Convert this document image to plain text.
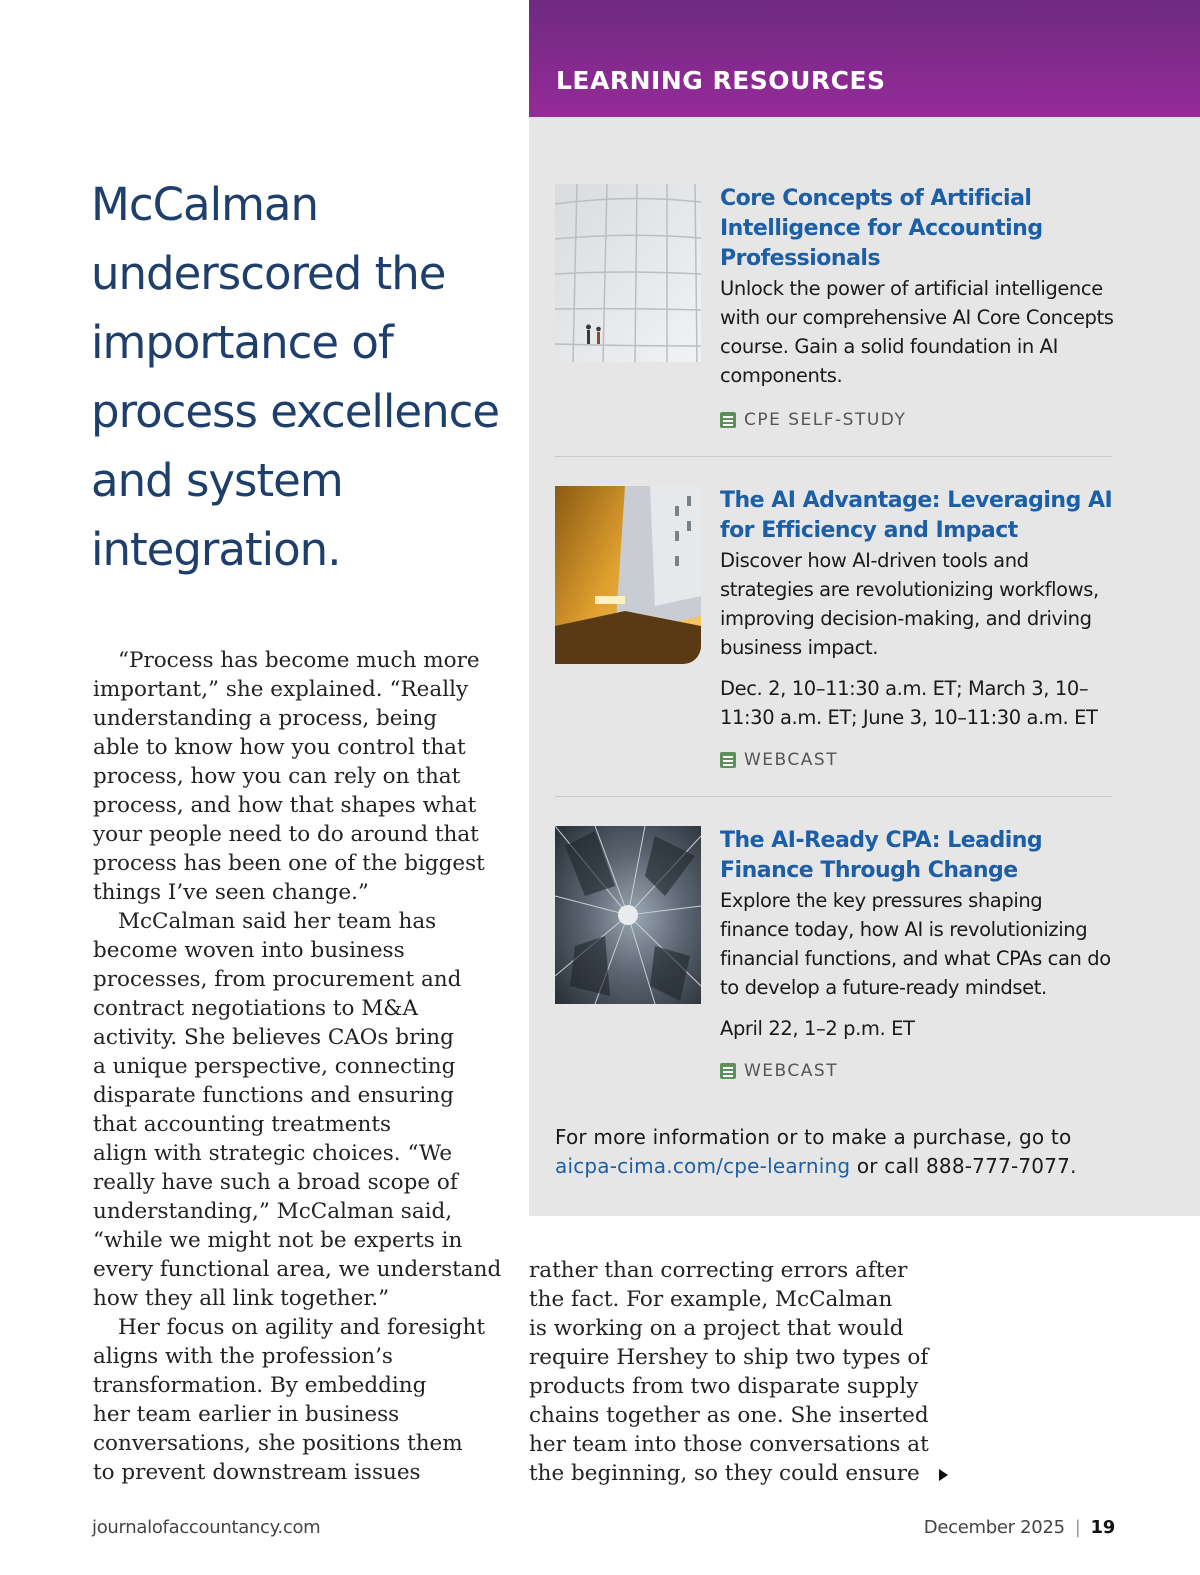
McCalman
underscored the
importance of
process excellence
and system
integration.

“Process has become much more

important,” she explained. “Really

understanding a process, being

able to know how you control that

process, how you can rely on that

process, and how that shapes what

your people need to do around that

process has been one of the biggest

things I’ve seen change.”

McCalman said her team has

become woven into business

processes, from procurement and

contract negotiations to M&A

activity. She believes CAOs bring

a unique perspective, connecting

disparate functions and ensuring

that accounting treatments

align with strategic choices. “We

really have such a broad scope of

understanding,” McCalman said,

“while we might not be experts in

every functional area, we understand

how they all link together.”

Her focus on agility and foresight

aligns with the profession’s

transformation. By embedding

her team earlier in business

conversations, she positions them

to prevent downstream issues

rather than correcting errors after

the fact. For example, McCalman

is working on a project that would

require Hershey to ship two types of

products from two disparate supply

chains together as one. She inserted

her team into those conversations at

the beginning, so they could ensure

LEARNING RESOURCES

Core Concepts of Artificial Intelligence for Accounting Professionals

Unlock the power of artificial intelligence with our comprehensive AI Core Concepts course. Gain a solid foundation in AI components.

CPE SELF-STUDY

The AI Advantage: Leveraging AI for Efficiency and Impact

Discover how AI-driven tools and strategies are revolutionizing workflows, improving decision-making, and driving business impact.

Dec. 2, 10–11:30 a.m. ET; March 3, 10–11:30 a.m. ET; June 3, 10–11:30 a.m. ET

WEBCAST

The AI-Ready CPA: Leading Finance Through Change

Explore the key pressures shaping finance today, how AI is revolutionizing financial functions, and what CPAs can do to develop a future-ready mindset.

April 22, 1–2 p.m. ET

WEBCAST

For more information or to make a purchase, go to
aicpa-cima.com/cpe-learning or call 888-777-7077.

journalofaccountancy.com	December 2025 | 19
